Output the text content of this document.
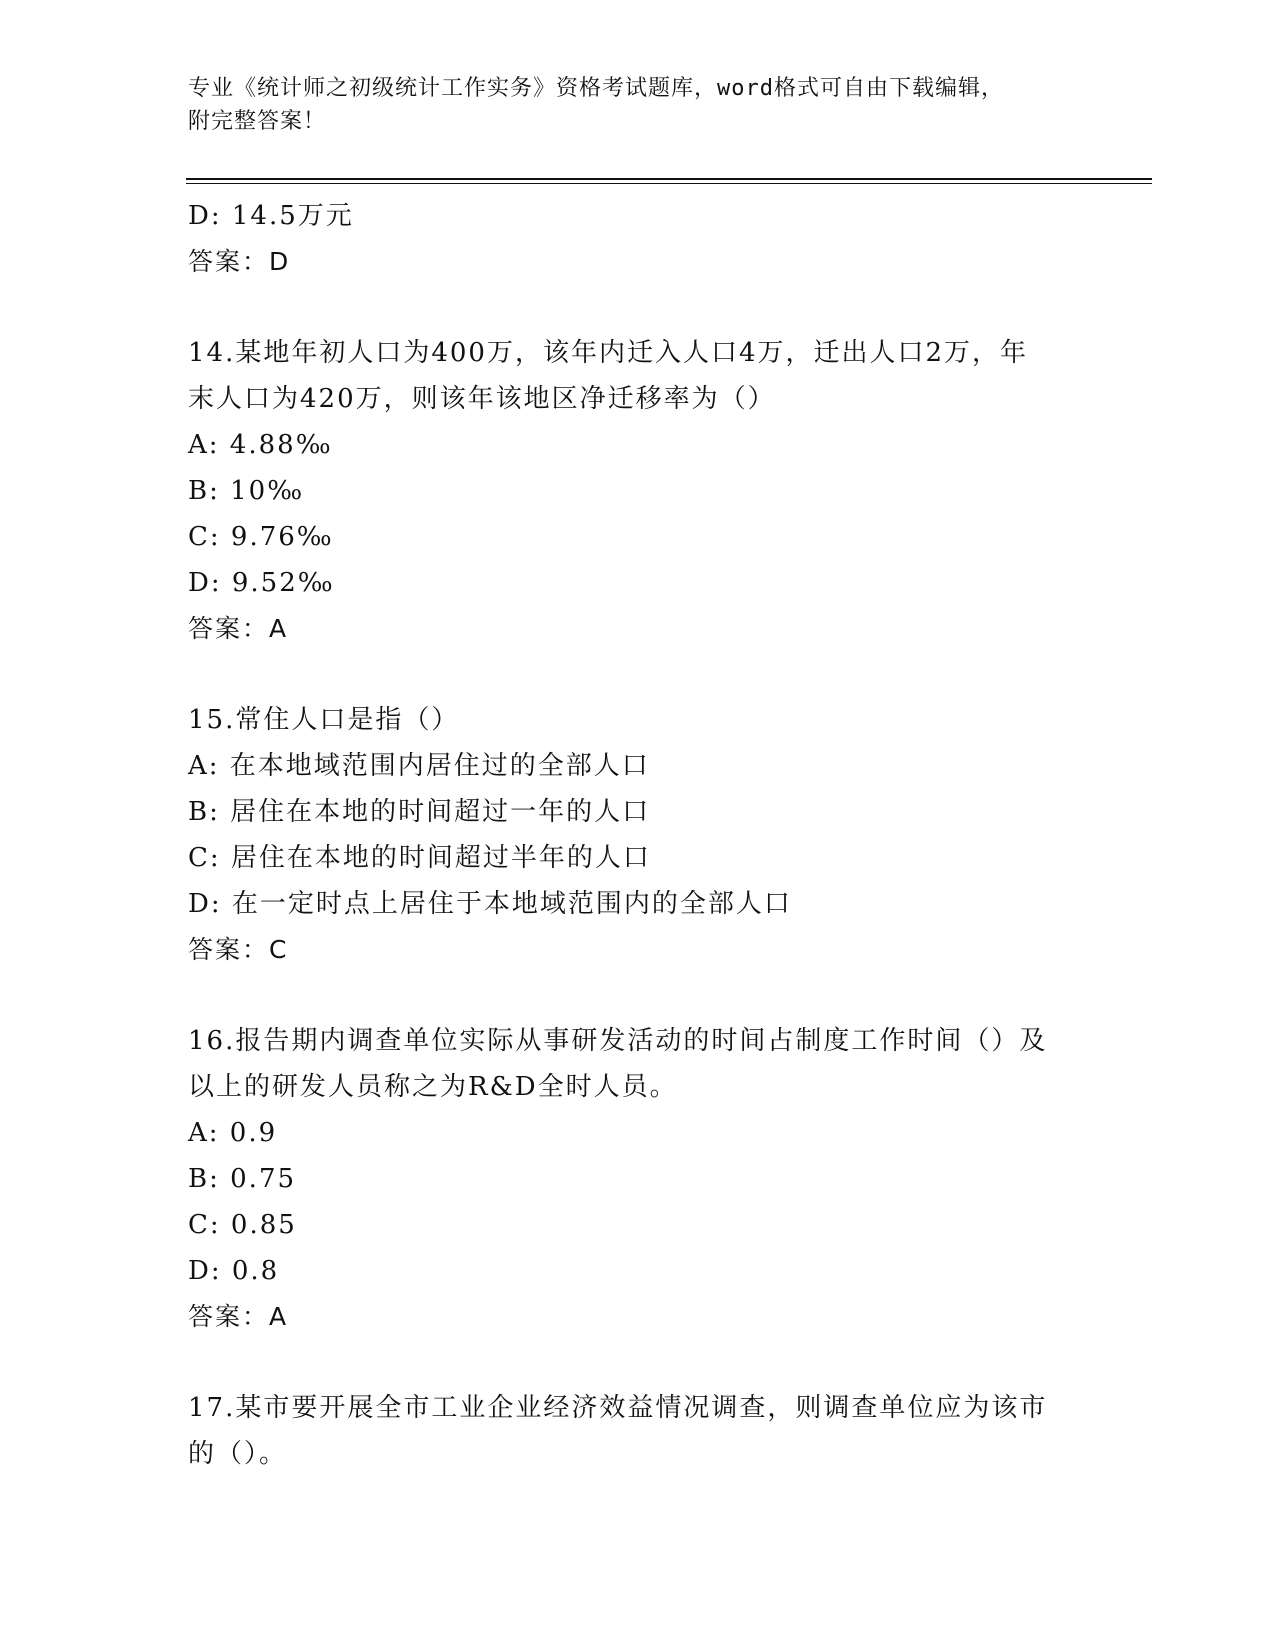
专业《统计师之初级统计工作实务》资格考试题库，word格式可自由下载编辑，
附完整答案！
D: 14.5万元
答案：D
14.某地年初人口为400万，该年内迁入人口4万，迁出人口2万，年
末人口为420万，则该年该地区净迁移率为（）
A: 4.88‰
B: 10‰
C: 9.76‰
D: 9.52‰
答案：A
15.常住人口是指（）
A: 在本地域范围内居住过的全部人口
B: 居住在本地的时间超过一年的人口
C: 居住在本地的时间超过半年的人口
D: 在一定时点上居住于本地域范围内的全部人口
答案：C
16.报告期内调查单位实际从事研发活动的时间占制度工作时间（）及
以上的研发人员称之为R&D全时人员。
A: 0.9
B: 0.75
C: 0.85
D: 0.8
答案：A
17.某市要开展全市工业企业经济效益情况调查，则调查单位应为该市
的（）。
